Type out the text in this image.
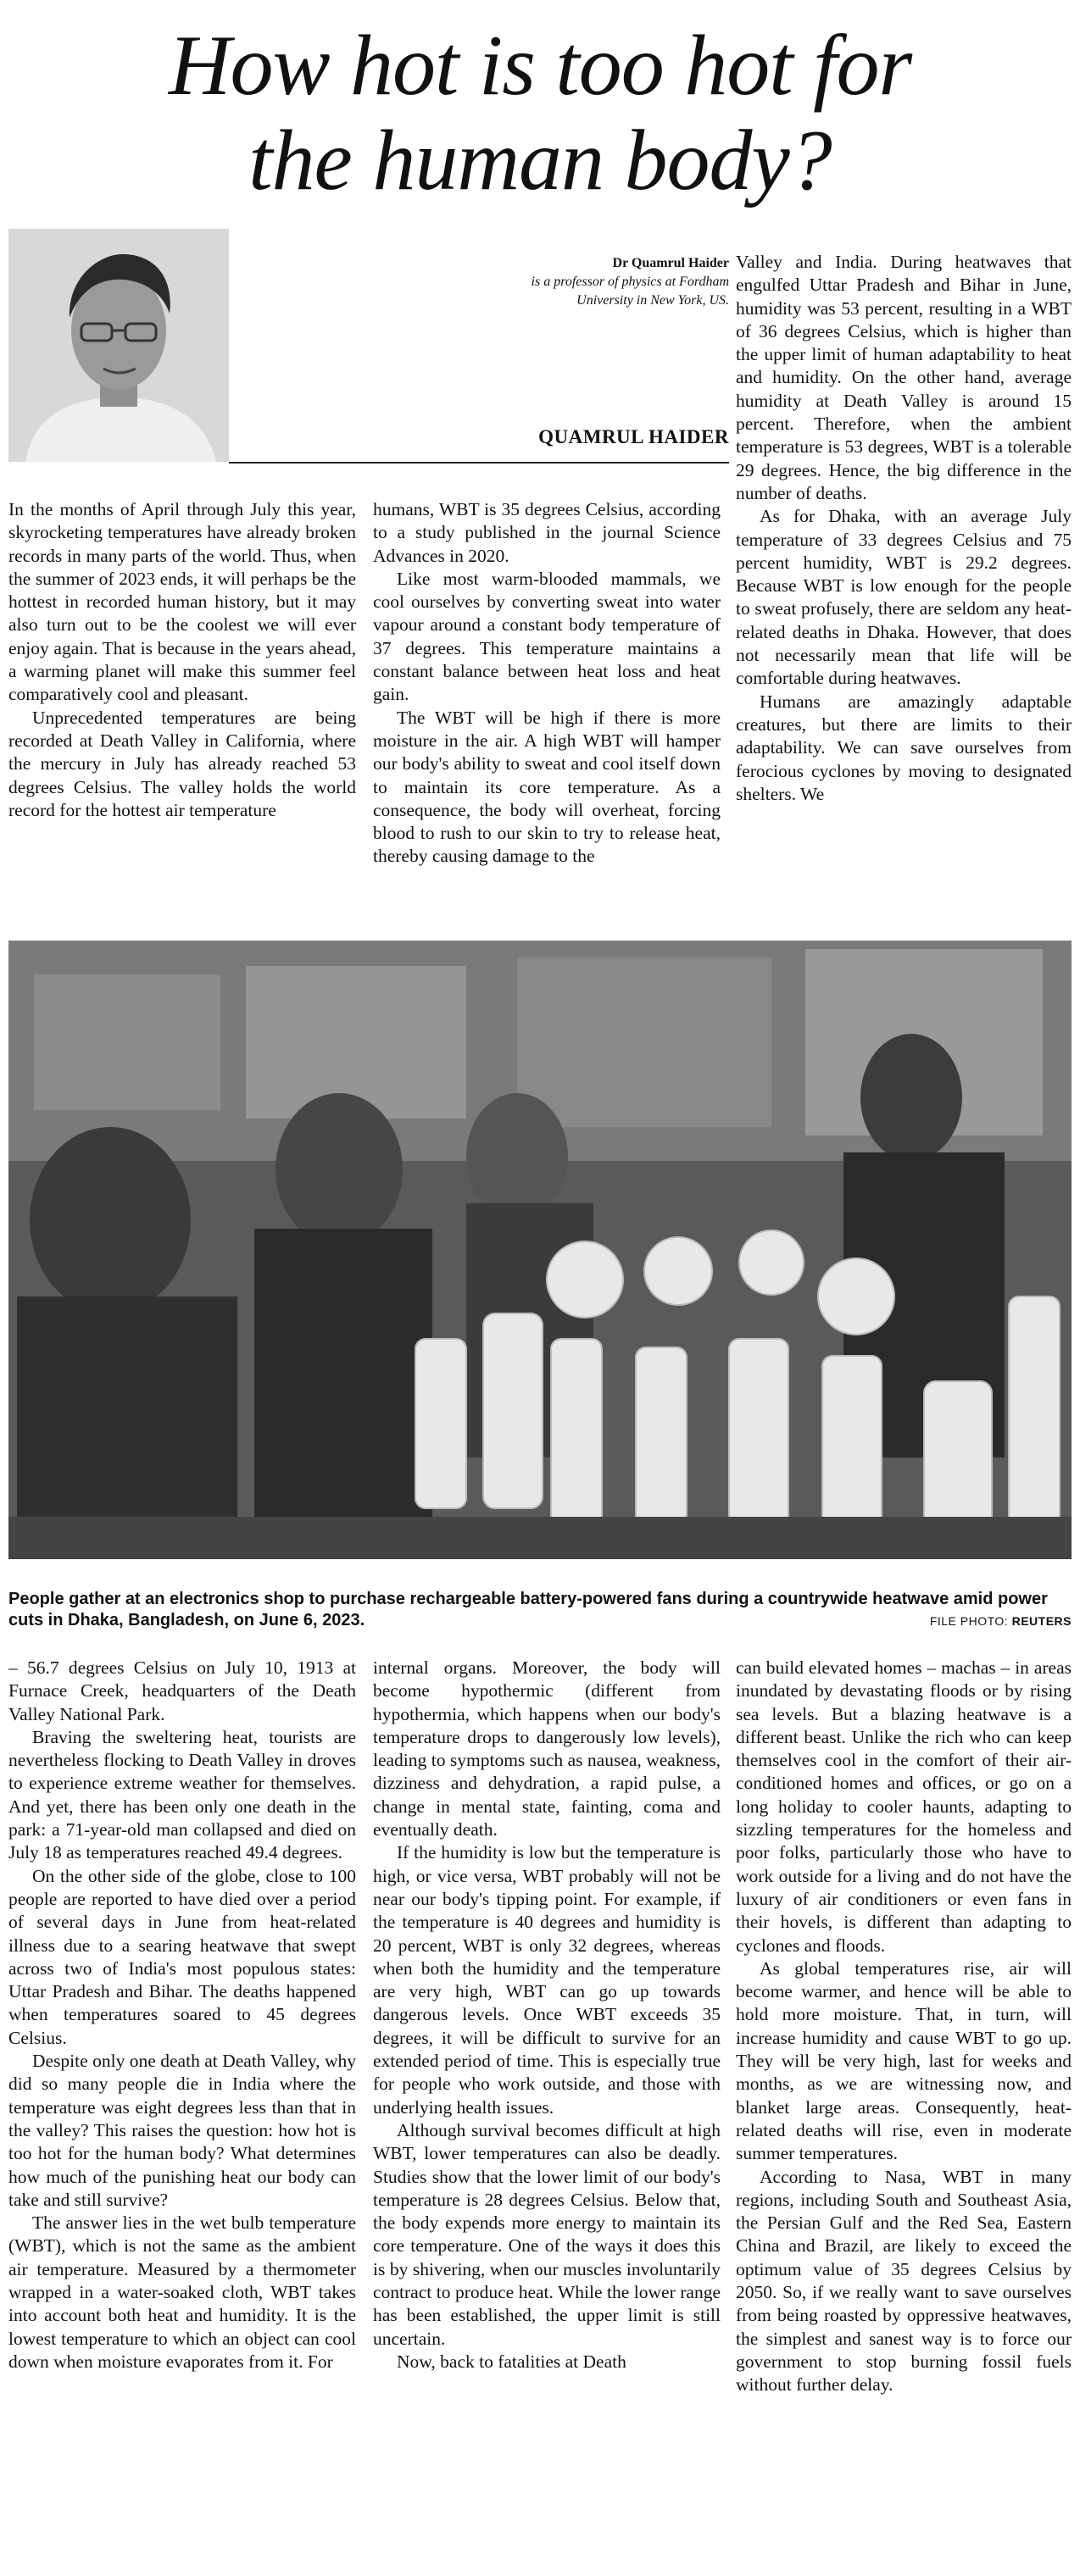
How hot is too hot for
the human body?
Dr Quamrul Haider
is a professor of physics at Fordham University in New York, US.
QUAMRUL HAIDER

In the months of April through July this year, skyrocketing temperatures have already broken records in many parts of the world. Thus, when the summer of 2023 ends, it will perhaps be the hottest in recorded human history, but it may also turn out to be the coolest we will ever enjoy again. That is because in the years ahead, a warming planet will make this summer feel comparatively cool and pleasant.

Unprecedented temperatures are being recorded at Death Valley in California, where the mercury in July has already reached 53 degrees Celsius. The valley holds the world record for the hottest air temperature

humans, WBT is 35 degrees Celsius, according to a study published in the journal Science Advances in 2020.

Like most warm-blooded mammals, we cool ourselves by converting sweat into water vapour around a constant body temperature of 37 degrees. This temperature maintains a constant balance between heat loss and heat gain.

The WBT will be high if there is more moisture in the air. A high WBT will hamper our body's ability to sweat and cool itself down to maintain its core temperature. As a consequence, the body will overheat, forcing blood to rush to our skin to try to release heat, thereby causing damage to the

Valley and India. During heatwaves that engulfed Uttar Pradesh and Bihar in June, humidity was 53 percent, resulting in a WBT of 36 degrees Celsius, which is higher than the upper limit of human adaptability to heat and humidity. On the other hand, average humidity at Death Valley is around 15 percent. Therefore, when the ambient temperature is 53 degrees, WBT is a tolerable 29 degrees. Hence, the big difference in the number of deaths.

As for Dhaka, with an average July temperature of 33 degrees Celsius and 75 percent humidity, WBT is 29.2 degrees. Because WBT is low enough for the people to sweat profusely, there are seldom any heat-related deaths in Dhaka. However, that does not necessarily mean that life will be comfortable during heatwaves.

Humans are amazingly adaptable creatures, but there are limits to their adaptability. We can save ourselves from ferocious cyclones by moving to designated shelters. We

People gather at an electronics shop to purchase rechargeable battery-powered fans during a countrywide heatwave amid power cuts in Dhaka, Bangladesh, on June 6, 2023.	FILE PHOTO: REUTERS

– 56.7 degrees Celsius on July 10, 1913 at Furnace Creek, headquarters of the Death Valley National Park.

Braving the sweltering heat, tourists are nevertheless flocking to Death Valley in droves to experience extreme weather for themselves. And yet, there has been only one death in the park: a 71-year-old man collapsed and died on July 18 as temperatures reached 49.4 degrees.

On the other side of the globe, close to 100 people are reported to have died over a period of several days in June from heat-related illness due to a searing heatwave that swept across two of India's most populous states: Uttar Pradesh and Bihar. The deaths happened when temperatures soared to 45 degrees Celsius.

Despite only one death at Death Valley, why did so many people die in India where the temperature was eight degrees less than that in the valley? This raises the question: how hot is too hot for the human body? What determines how much of the punishing heat our body can take and still survive?

The answer lies in the wet bulb temperature (WBT), which is not the same as the ambient air temperature. Measured by a thermometer wrapped in a water-soaked cloth, WBT takes into account both heat and humidity. It is the lowest temperature to which an object can cool down when moisture evaporates from it. For

internal organs. Moreover, the body will become hypothermic (different from hypothermia, which happens when our body's temperature drops to dangerously low levels), leading to symptoms such as nausea, weakness, dizziness and dehydration, a rapid pulse, a change in mental state, fainting, coma and eventually death.

If the humidity is low but the temperature is high, or vice versa, WBT probably will not be near our body's tipping point. For example, if the temperature is 40 degrees and humidity is 20 percent, WBT is only 32 degrees, whereas when both the humidity and the temperature are very high, WBT can go up towards dangerous levels. Once WBT exceeds 35 degrees, it will be difficult to survive for an extended period of time. This is especially true for people who work outside, and those with underlying health issues.

Although survival becomes difficult at high WBT, lower temperatures can also be deadly. Studies show that the lower limit of our body's temperature is 28 degrees Celsius. Below that, the body expends more energy to maintain its core temperature. One of the ways it does this is by shivering, when our muscles involuntarily contract to produce heat. While the lower range has been established, the upper limit is still uncertain.

Now, back to fatalities at Death

can build elevated homes – machas – in areas inundated by devastating floods or by rising sea levels. But a blazing heatwave is a different beast. Unlike the rich who can keep themselves cool in the comfort of their air-conditioned homes and offices, or go on a long holiday to cooler haunts, adapting to sizzling temperatures for the homeless and poor folks, particularly those who have to work outside for a living and do not have the luxury of air conditioners or even fans in their hovels, is different than adapting to cyclones and floods.

As global temperatures rise, air will become warmer, and hence will be able to hold more moisture. That, in turn, will increase humidity and cause WBT to go up. They will be very high, last for weeks and months, as we are witnessing now, and blanket large areas. Consequently, heat-related deaths will rise, even in moderate summer temperatures.

According to Nasa, WBT in many regions, including South and Southeast Asia, the Persian Gulf and the Red Sea, Eastern China and Brazil, are likely to exceed the optimum value of 35 degrees Celsius by 2050. So, if we really want to save ourselves from being roasted by oppressive heatwaves, the simplest and sanest way is to force our government to stop burning fossil fuels without further delay.
